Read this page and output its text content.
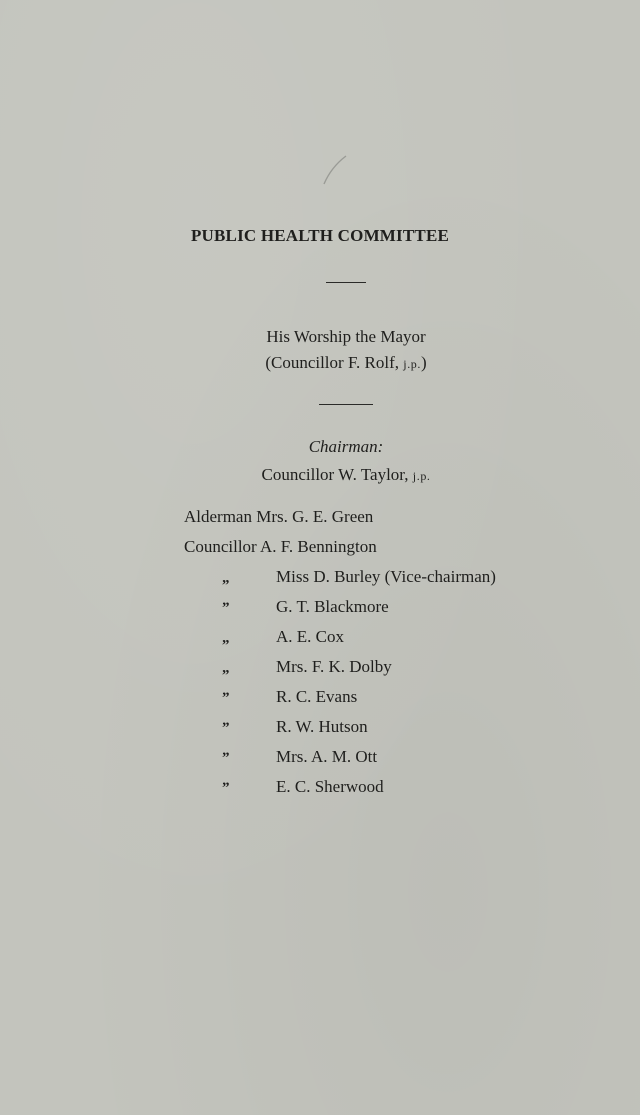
PUBLIC HEALTH COMMITTEE
His Worship the Mayor
(Councillor F. Rolf, j.p.)
Chairman:
Councillor W. Taylor, j.p.
Alderman Mrs. G. E. Green
Councillor A. F. Bennington
„	Miss D. Burley (Vice-chairman)
”	G. T. Blackmore
„	A. E. Cox
„	Mrs. F. K. Dolby
”	R. C. Evans
”	R. W. Hutson
”	Mrs. A. M. Ott
”	E. C. Sherwood
